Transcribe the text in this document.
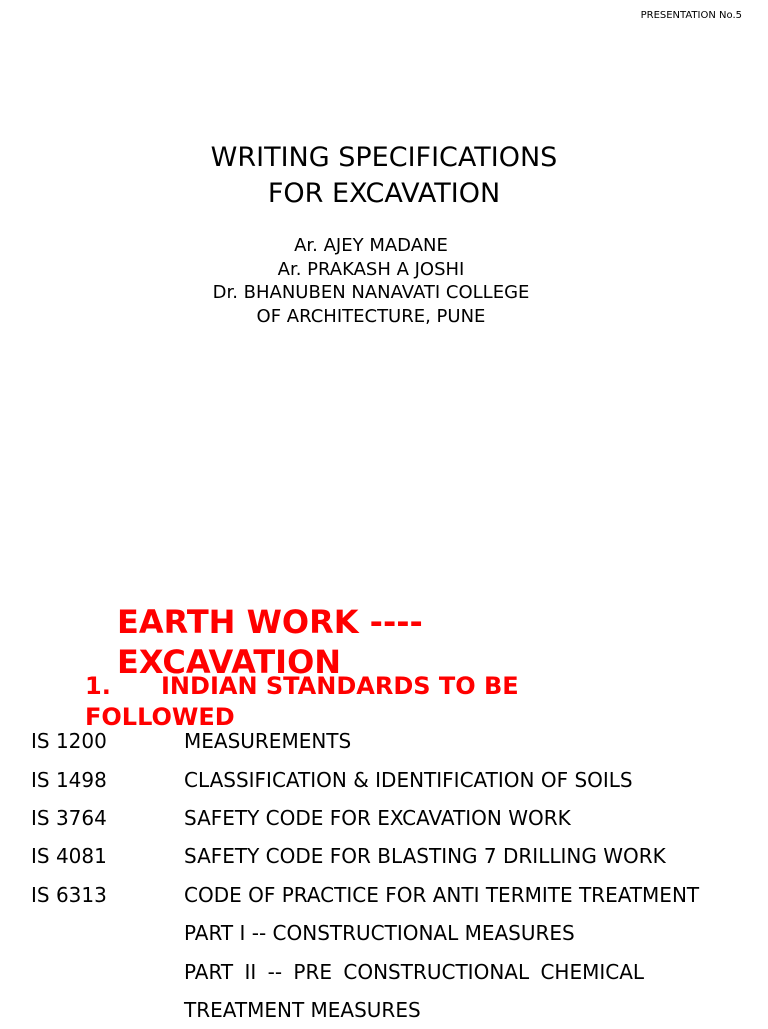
PRESENTATION No.5
WRITING SPECIFICATIONS
FOR EXCAVATION
Ar. AJEY MADANE
Ar. PRAKASH A JOSHI
Dr. BHANUBEN NANAVATI COLLEGE
OF ARCHITECTURE, PUNE
EARTH WORK ---- EXCAVATION
1. INDIAN STANDARDS TO BE FOLLOWED
IS 1200	MEASUREMENTS
IS 1498	CLASSIFICATION & IDENTIFICATION OF SOILS
IS 3764	SAFETY CODE FOR EXCAVATION WORK
IS 4081	SAFETY CODE FOR BLASTING 7 DRILLING WORK
IS 6313	CODE OF PRACTICE FOR ANTI TERMITE TREATMENT
PART I -- CONSTRUCTIONAL MEASURES
PART II -- PRE CONSTRUCTIONAL CHEMICAL
TREATMENT MEASURES
